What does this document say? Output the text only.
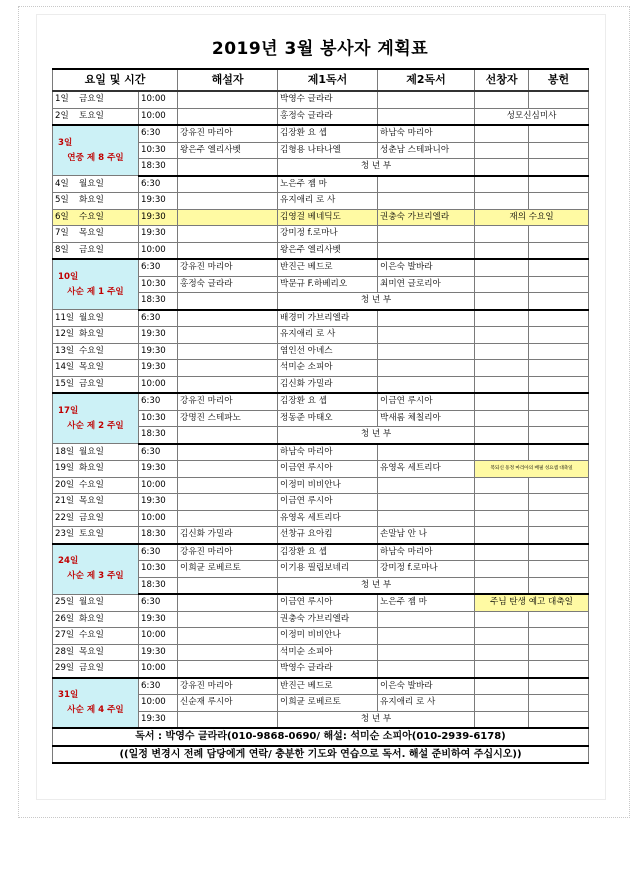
2019년 3월 봉사자 계획표
요일 및 시간		해설자	제1독서	제2독서	선창자	봉헌

1일 금요일	10:00		박영수 글라라			

2일 토요일	10:00		홍정숙 글라라		성모신심미사	

3일
연중 제 8 주일	6:30	강유진 마리아	김장환 요 셉	하남숙 마리아		
	10:30	왕은주 엘리사벳	김형용 나타나엘	성춘남 스테파니아		
	18:30		청 년 부			

4일 월요일	6:30		노은주 젬 마			

5일 화요일	19:30		유지애리 로 사			

6일 수요일	19:30		김영걸 베네딕도	권충숙 가브리엘라	재의 수요일	

7일 목요일	19:30		강미정 f.로마나			

8일 금요일	10:00		왕은주 엘리사벳			

10일
사순 제 1 주일	6:30	강유진 마리아	반진근 베드로	이은숙 발바라		
	10:30	홍정숙 글라라	박문규 F.하베리오	최미연 글로리아		
	18:30		청 년 부			

11일 월요일	6:30		배경미 가브리엘라			

12일 화요일	19:30		유지애리 로 사			

13일 수요일	19:30		염인선 아녜스			

14일 목요일	19:30		석미순 소피아			

15일 금요일	10:00		김신화 가밀라			

17일
사순 제 2 주일	6:30	강유진 마리아	김장환 요 셉	이금연 루시아		
	10:30	강명진 스테파노	정동준 마태오	박새롬 체칠리아		
	18:30		청 년 부			

18일 월요일	6:30		하남숙 마리아			

19일 화요일	19:30		이금연 루시아	유영옥 세트리다	복되신 동정 마리아의 배필 성요셉 대축일	

20일 수요일	10:00		이정미 비비안나			

21일 목요일	19:30		이금연 루시아			

22일 금요일	10:00		유영옥 세트리다			

23일 토요일	18:30	김신화 가밀라	선창규 요아킴	손말남 안 나		

24일
사순 제 3 주일	6:30	강유진 마리아	김장환 요 셉	하남숙 마리아		
	10:30	이희균 로베르토	이기용 필립보네리	강미정 f.로마나		
	18:30		청 년 부			

25일 월요일	6:30		이금연 루시아	노은주 젬 마	주님 탄생 예고 대축일	

26일 화요일	19:30		권충숙 가브리엘라			

27일 수요일	10:00		이정미 비비안나			

28일 목요일	19:30		석미순 소피아			

29일 금요일	10:00		박영수 글라라			

31일
사순 제 4 주일	6:30	강유진 마리아	반진근 베드로	이은숙 발바라		
	10:00	신순재 루시아	이희균 로베르토	유지애리 로 사		
	19:30		청 년 부			
독서 : 박영수 글라라(010-9868-0690/ 해설: 석미순 소피아(010-2939-6178)						
((일정 변경시 전례 담당에게 연락/ 충분한 기도와 연습으로 독서. 해설 준비하여 주십시오))						
